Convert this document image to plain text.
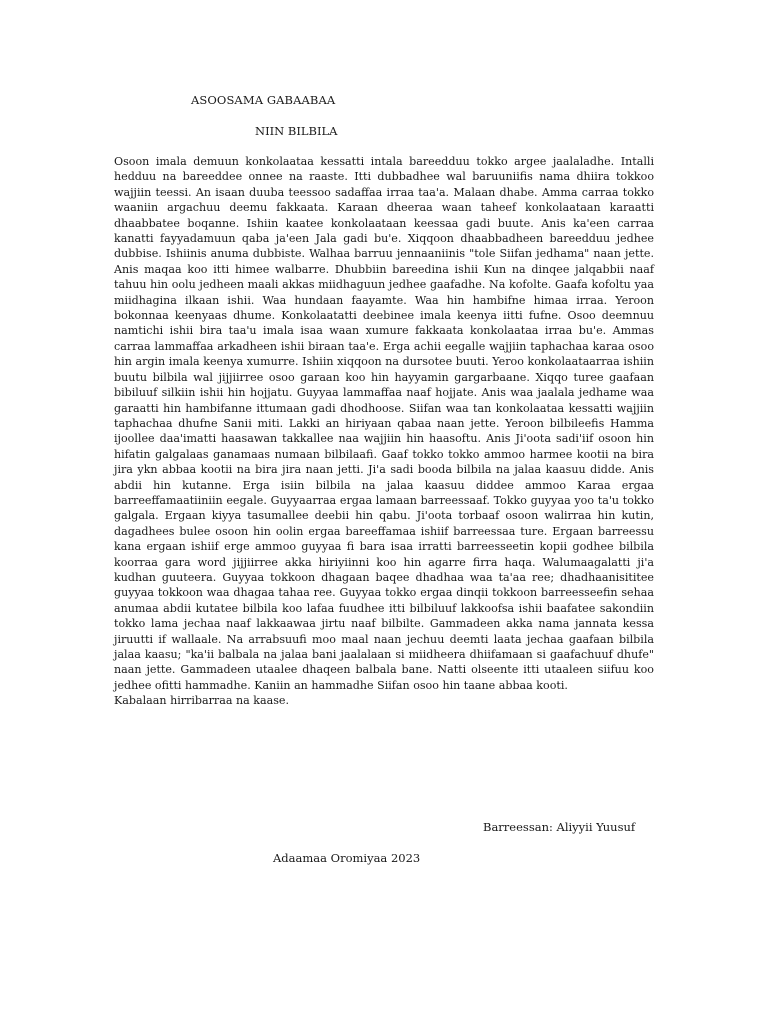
ASOOSAMA GABAABAA
NIIN BILBILA

Osoon imala demuun konkolaataa kessatti intala bareedduu tokko argee jaalaladhe. Intalli hedduu na bareeddee onnee na raaste. Itti dubbadhee wal baruuniifis nama dhiira tokkoo wajjiin teessi. An isaan duuba teessoo sadaffaa irraa taa'a. Malaan dhabe. Amma carraa tokko waaniin argachuu deemu fakkaata. Karaan dheeraa waan taheef konkolaataan karaatti dhaabbatee boqanne. Ishiin kaatee konkolaataan keessaa gadi buute. Anis ka'een carraa kanatti fayyadamuun qaba ja'een Jala gadi bu'e. Xiqqoon dhaabbadheen bareedduu jedhee dubbise. Ishiinis anuma dubbiste. Walhaa barruu jennaaniinis "tole Siifan jedhama" naan jette. Anis maqaa koo itti himee walbarre. Dhubbiin bareedina ishii Kun na dinqee jalqabbii naaf tahuu hin oolu jedheen maali akkas miidhaguun jedhee gaafadhe. Na kofolte. Gaafa kofoltu yaa miidhagina ilkaan ishii. Waa hundaan faayamte. Waa hin hambifne himaa irraa. Yeroon bokonnaa keenyaas dhume. Konkolaatatti deebinee imala keenya iitti fufne. Osoo deemnuu namtichi ishii bira taa'u imala isaa waan xumure fakkaata konkolaataa irraa bu'e. Ammas carraa lammaffaa arkadheen ishii biraan taa'e. Erga achii eegalle wajjiin taphachaa karaa osoo hin argin imala keenya xumurre. Ishiin xiqqoon na dursotee buuti. Yeroo konkolaataarraa ishiin buutu bilbila wal jijjiirree osoo garaan koo hin hayyamin gargarbaane. Xiqqo turee gaafaan bibiluuf silkiin ishii hin hojjatu. Guyyaa lammaffaa naaf hojjate. Anis waa jaalala jedhame waa garaatti hin hambifanne ittumaan gadi dhodhoose. Siifan waa tan konkolaataa kessatti wajjiin taphachaa dhufne Sanii miti. Lakki an hiriyaan qabaa naan jette. Yeroon bilbileefis Hamma ijoollee daa'imatti haasawan takkallee naa wajjiin hin haasoftu. Anis Ji'oota sadi'iif osoon hin hifatin galgalaas ganamaas numaan bilbilaafi. Gaaf tokko tokko ammoo harmee kootii na bira jira ykn abbaa kootii na bira jira naan jetti. Ji'a sadi booda bilbila na jalaa kaasuu didde. Anis abdii hin kutanne. Erga isiin bilbila na jalaa kaasuu diddee ammoo Karaa ergaa barreeffamaatiiniin eegale. Guyyaarraa ergaa lamaan barreessaaf. Tokko guyyaa yoo ta'u tokko galgala. Ergaan kiyya tasumallee deebii hin qabu. Ji'oota torbaaf osoon walirraa hin kutin, dagadhees bulee osoon hin oolin ergaa bareeffamaa ishiif barreessaa ture. Ergaan barreessu kana ergaan ishiif erge ammoo guyyaa fi bara isaa irratti barreesseetin kopii godhee bilbila koorraa gara word jijjiirree akka hiriyiinni koo hin agarre firra haqa. Walumaagalatti ji'a kudhan guuteera. Guyyaa tokkoon dhagaan baqee dhadhaa waa ta'aa ree; dhadhaanisititee guyyaa tokkoon waa dhagaa tahaa ree. Guyyaa tokko ergaa dinqii tokkoon barreesseefin sehaa anumaa abdii kutatee bilbila koo lafaa fuudhee itti bilbiluuf lakkoofsa ishii baafatee sakondiin tokko lama jechaa naaf lakkaawaa jirtu naaf bilbilte. Gammadeen akka nama jannata kessa jiruutti if wallaale. Na arrabsuufi moo maal naan jechuu deemti laata jechaa gaafaan bilbila jalaa kaasu; "ka'ii balbala na jalaa bani jaalalaan si miidheera dhiifamaan si gaafachuuf dhufe" naan jette. Gammadeen utaalee dhaqeen balbala bane. Natti olseente itti utaaleen siifuu koo jedhee ofitti hammadhe. Kaniin an hammadhe Siifan osoo hin taane abbaa kooti.

Kabalaan hirribarraa na kaase.

Barreessan: Aliyyii Yuusuf
Adaamaa Oromiyaa 2023
